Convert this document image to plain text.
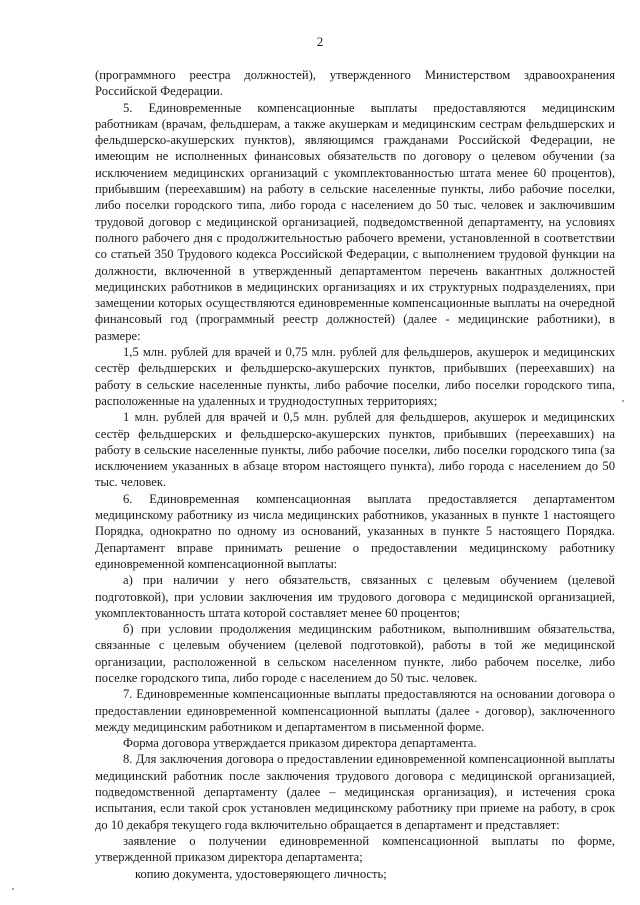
2

(программного реестра должностей), утвержденного Министерством здравоохранения Российской Федерации.

5. Единовременные компенсационные выплаты предоставляются медицинским работникам (врачам, фельдшерам, а также акушеркам и медицинским сестрам фельдшерских и фельдшерско-акушерских пунктов), являющимся гражданами Российской Федерации, не имеющим не исполненных финансовых обязательств по договору о целевом обучении (за исключением медицинских организаций с укомплектованностью штата менее 60 процентов), прибывшим (переехавшим) на работу в сельские населенные пункты, либо рабочие поселки, либо поселки городского типа, либо города с населением до 50 тыс. человек и заключившим трудовой договор с медицинской организацией, подведомственной департаменту, на условиях полного рабочего дня с продолжительностью рабочего времени, установленной в соответствии со статьей 350 Трудового кодекса Российской Федерации, с выполнением трудовой функции на должности, включенной в утвержденный департаментом перечень вакантных должностей медицинских работников в медицинских организациях и их структурных подразделениях, при замещении которых осуществляются единовременные компенсационные выплаты на очередной финансовый год (программный реестр должностей) (далее - медицинские работники), в размере:

1,5 млн. рублей для врачей и 0,75 млн. рублей для фельдшеров, акушерок и медицинских сестёр фельдшерских и фельдшерско-акушерских пунктов, прибывших (переехавших) на работу в сельские населенные пункты, либо рабочие поселки, либо поселки городского типа, расположенные на удаленных и труднодоступных территориях;

1 млн. рублей для врачей и 0,5 млн. рублей для фельдшеров, акушерок и медицинских сестёр фельдшерских и фельдшерско-акушерских пунктов, прибывших (переехавших) на работу в сельские населенные пункты, либо рабочие поселки, либо поселки городского типа (за исключением указанных в абзаце втором настоящего пункта), либо города с населением до 50 тыс. человек.

6. Единовременная компенсационная выплата предоставляется департаментом медицинскому работнику из числа медицинских работников, указанных в пункте 1 настоящего Порядка, однократно по одному из оснований, указанных в пункте 5 настоящего Порядка. Департамент вправе принимать решение о предоставлении медицинскому работнику единовременной компенсационной выплаты:

а) при наличии у него обязательств, связанных с целевым обучением (целевой подготовкой), при условии заключения им трудового договора с медицинской организацией, укомплектованность штата которой составляет менее 60 процентов;

б) при условии продолжения медицинским работником, выполнившим обязательства, связанные с целевым обучением (целевой подготовкой), работы в той же медицинской организации, расположенной в сельском населенном пункте, либо рабочем поселке, либо поселке городского типа, либо городе с населением до 50 тыс. человек.

7. Единовременные компенсационные выплаты предоставляются на основании договора о предоставлении единовременной компенсационной выплаты (далее - договор), заключенного между медицинским работником и департаментом в письменной форме.

Форма договора утверждается приказом директора департамента.

8. Для заключения договора о предоставлении единовременной компенсационной выплаты медицинский работник после заключения трудового договора с медицинской организацией, подведомственной департаменту (далее – медицинская организация), и истечения срока испытания, если такой срок установлен медицинскому работнику при приеме на работу, в срок до 10 декабря текущего года включительно обращается в департамент и представляет:

заявление о получении единовременной компенсационной выплаты по форме, утвержденной приказом директора департамента;

копию документа, удостоверяющего личность;
